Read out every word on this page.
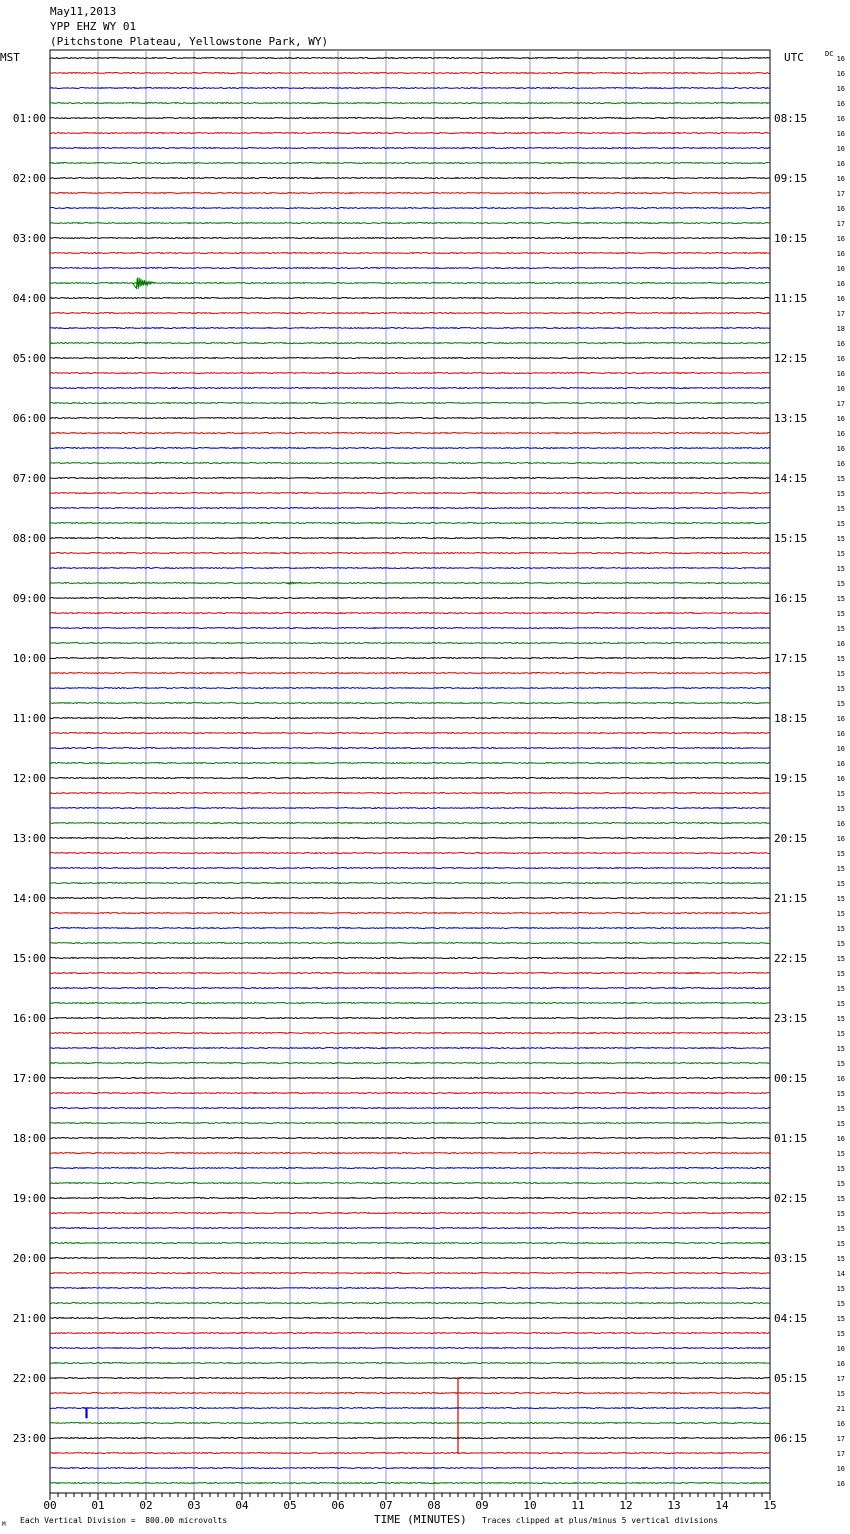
May11,2013
YPP EHZ WY 01
(Pitchstone Plateau, Yellowstone Park, WY)
00	01	02	03	04	05	06	07	08	09	10	11	12	13	14	15
01:00
02:00
03:00
04:00
05:00
06:00
07:00
08:00
09:00
10:00
11:00
12:00
13:00
14:00
15:00
16:00
17:00
18:00
19:00
20:00
21:00
22:00
23:00
08:15
09:15
10:15
11:15
12:15
13:15
14:15
15:15
16:15
17:15
18:15
19:15
20:15
21:15
22:15
23:15
00:15
01:15
02:15
03:15
04:15
05:15
06:15
16
16
16
16
16
16
16
16
16
17
16
17
16
16
16
16
16
17
18
16
16
16
16
17
16
16
16
16
15
15
15
15
15
15
15
15
15
15
15
16
15
15
15
15
16
16
16
16
16
15
15
16
16
15
15
15
15
15
15
15
15
15
15
15
15
15
15
15
16
15
15
15
16
15
15
15
15
15
15
15
15
14
15
15
15
15
16
16
17
15
21
16
17
17
16
16
MST	UTC	DC
M Each Vertical Division =  800.00 microvolts	TIME (MINUTES) Traces clipped at plus/minus 5 vertical divisions
